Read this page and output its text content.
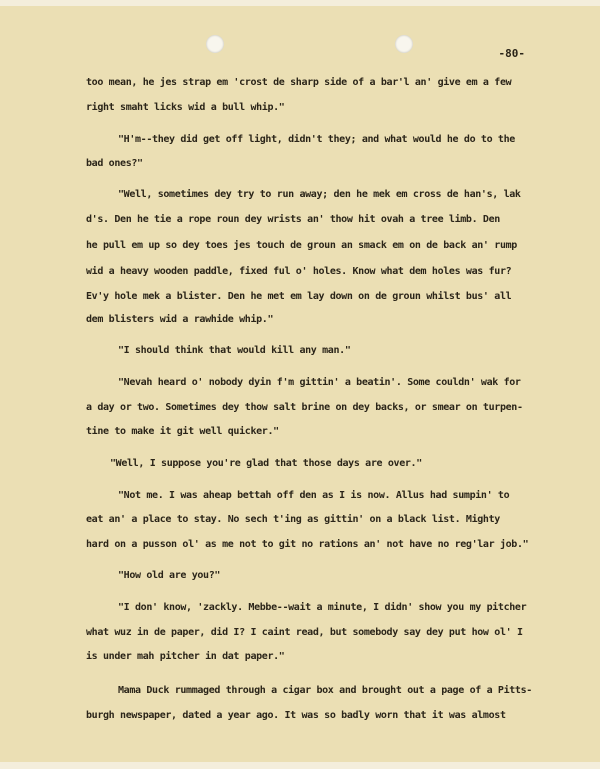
-80-
too mean, he jes strap em 'crost de sharp side of a bar'l an' give em a few
right smaht licks wid a bull whip."
"H'm--they did get off light, didn't they; and what would he do to the
bad ones?"
"Well, sometimes dey try to run away; den he mek em cross de han's, lak
d's. Den he tie a rope roun dey wrists an' thow hit ovah a tree limb. Den
he pull em up so dey toes jes touch de groun an smack em on de back an' rump
wid a heavy wooden paddle, fixed ful o' holes. Know what dem holes was fur?
Ev'y hole mek a blister. Den he met em lay down on de groun whilst bus' all
dem blisters wid a rawhide whip."
"I should think that would kill any man."
"Nevah heard o' nobody dyin f'm gittin' a beatin'. Some couldn' wak for
a day or two. Sometimes dey thow salt brine on dey backs, or smear on turpen-
tine to make it git well quicker."
"Well, I suppose you're glad that those days are over."
"Not me. I was aheap bettah off den as I is now. Allus had sumpin' to
eat an' a place to stay. No sech t'ing as gittin' on a black list. Mighty
hard on a pusson ol' as me not to git no rations an' not have no reg'lar job."
"How old are you?"
"I don' know, 'zackly. Mebbe--wait a minute, I didn' show you my pitcher
what wuz in de paper, did I? I caint read, but somebody say dey put how ol' I
is under mah pitcher in dat paper."
Mama Duck rummaged through a cigar box and brought out a page of a Pitts-
burgh newspaper, dated a year ago. It was so badly worn that it was almost
